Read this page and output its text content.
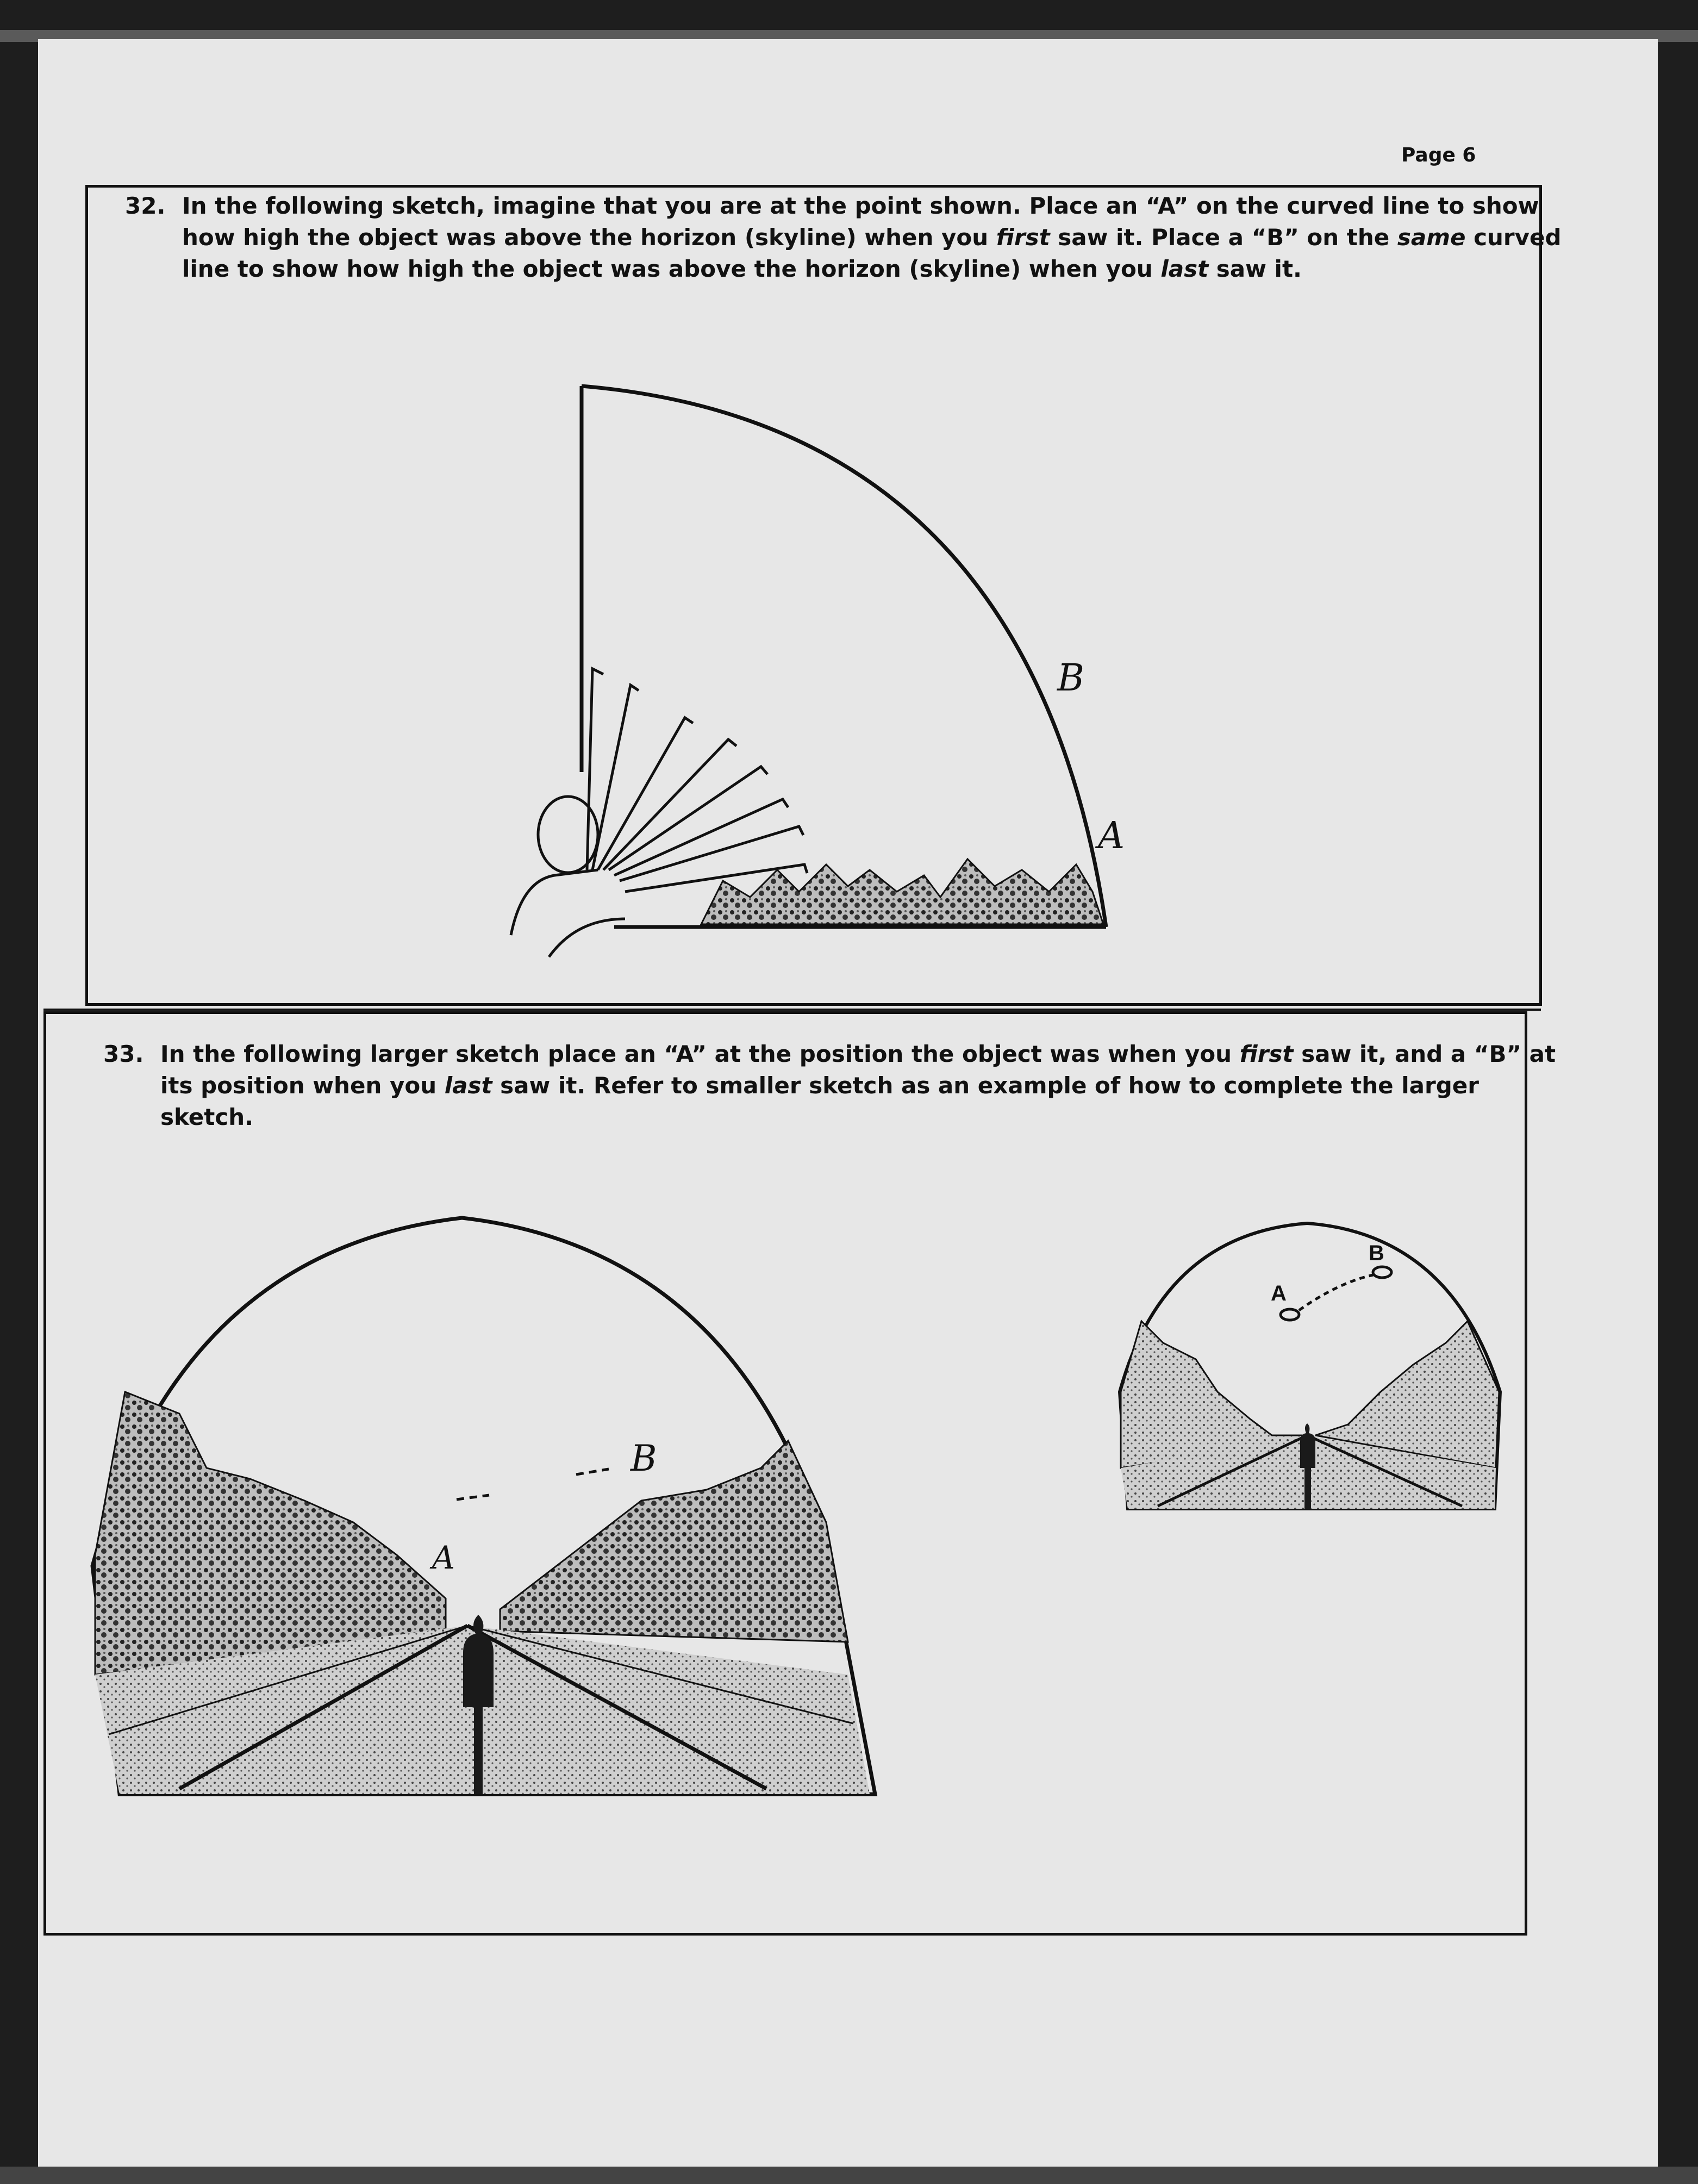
Page 6
32. In the following sketch, imagine that you are at the point shown. Place an “A” on the curved line to show how high the object was above the horizon (skyline) when you first saw it. Place a “B” on the same curved line to show how high the object was above the horizon (skyline) when you last saw it.
33. In the following larger sketch place an “A” at the position the object was when you first saw it, and a “B” at its position when you last saw it. Refer to smaller sketch as an example of how to complete the larger sketch.
B
A
B
A
A
B
